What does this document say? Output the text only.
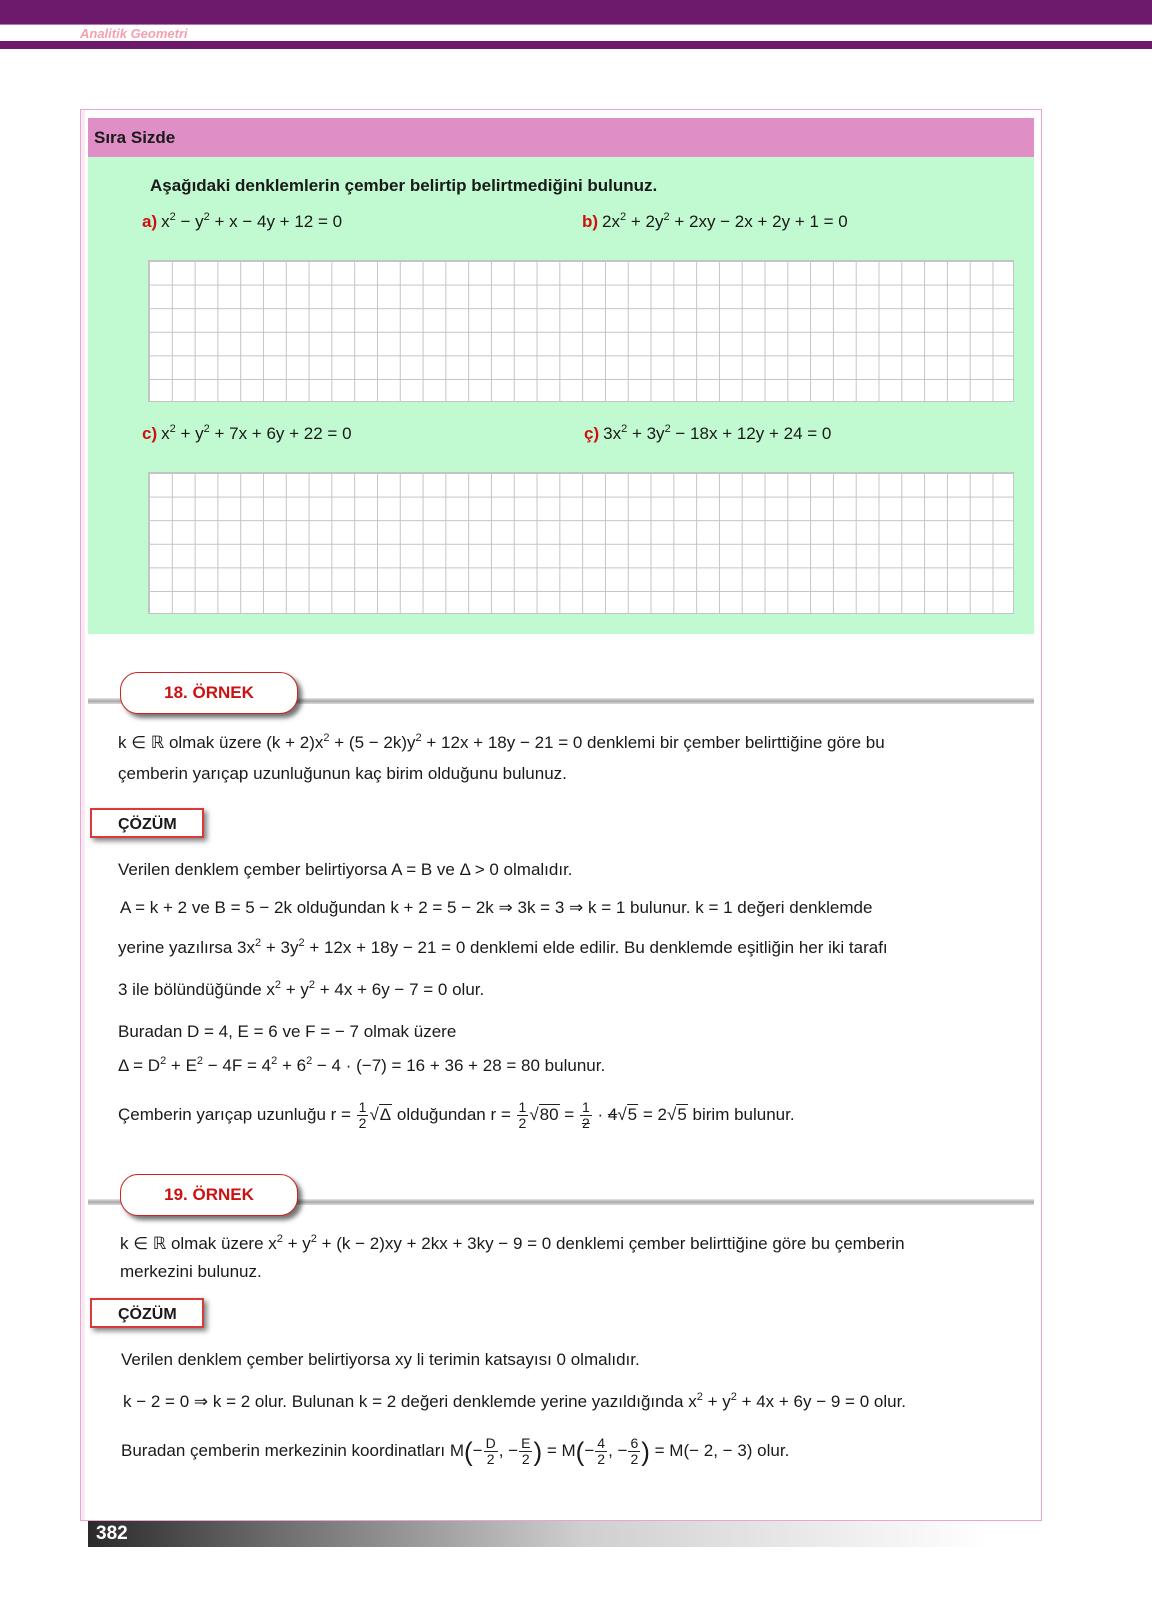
Analitik Geometri
Sıra Sizde
Aşağıdaki denklemlerin çember belirtip belirtmediğini bulunuz.
a) $x^2 - y^2 + x - 4y + 12 = 0$	b) $2x^2 + 2y^2 + 2xy - 2x + 2y + 1 = 0$
c) $x^2 + y^2 + 7x + 6y + 22 = 0$	ç) $3x^2 + 3y^2 - 18x + 12y + 24 = 0$
18. ÖRNEK
k ∈ ℝ olmak üzere $(k + 2)x^2 + (5 - 2k)y^2 + 12x + 18y - 21 = 0$ denklemi bir çember belirttiğine göre bu
çemberin yarıçap uzunluğunun kaç birim olduğunu bulunuz.
ÇÖZÜM
Verilen denklem çember belirtiyorsa A = B ve Δ > 0 olmalıdır.
A = k + 2 ve B = 5 − 2k olduğundan k + 2 = 5 − 2k ⇒ 3k = 3 ⇒ k = 1 bulunur. k = 1 değeri denklemde
yerine yazılırsa $3x^2 + 3y^2 + 12x + 18y - 21 = 0$ denklemi elde edilir. Bu denklemde eşitliğin her iki tarafı
3 ile bölündüğünde $x^2 + y^2 + 4x + 6y - 7 = 0$ olur.
Buradan D = 4, E = 6 ve F = − 7 olmak üzere
$\Delta = D^2 + E^2 - 4F = 4^2 + 6^2 - 4 \cdot (-7) = 16 + 36 + 28 = 80$ bulunur.
Çemberin yarıçap uzunluğu $r = \frac{1}{2} √\Delta$ olduğundan $r = \frac{1}{2} √80 = \frac{1}{2} \cdot 4√5 = 2√5$ birim bulunur.
19. ÖRNEK
k ∈ ℝ olmak üzere $x^2 + y^2 + (k - 2)xy + 2kx + 3ky - 9 = 0$ denklemi çember belirttiğine göre bu çemberin
merkezini bulunuz.
ÇÖZÜM
Verilen denklem çember belirtiyorsa xy li terimin katsayısı 0 olmalıdır.
k − 2 = 0 ⇒ k = 2 olur. Bulunan k = 2 değeri denklemde yerine yazıldığında $x^2 + y^2 + 4x + 6y - 9 = 0$ olur.
Buradan çemberin merkezinin koordinatları $M(- \frac{D}{2}$ , − $\frac{E}{2}$ ) = $M(- \frac{4}{2}$ , − $\frac{6}{2}$ ) = M(− 2, − 3) olur.
382
